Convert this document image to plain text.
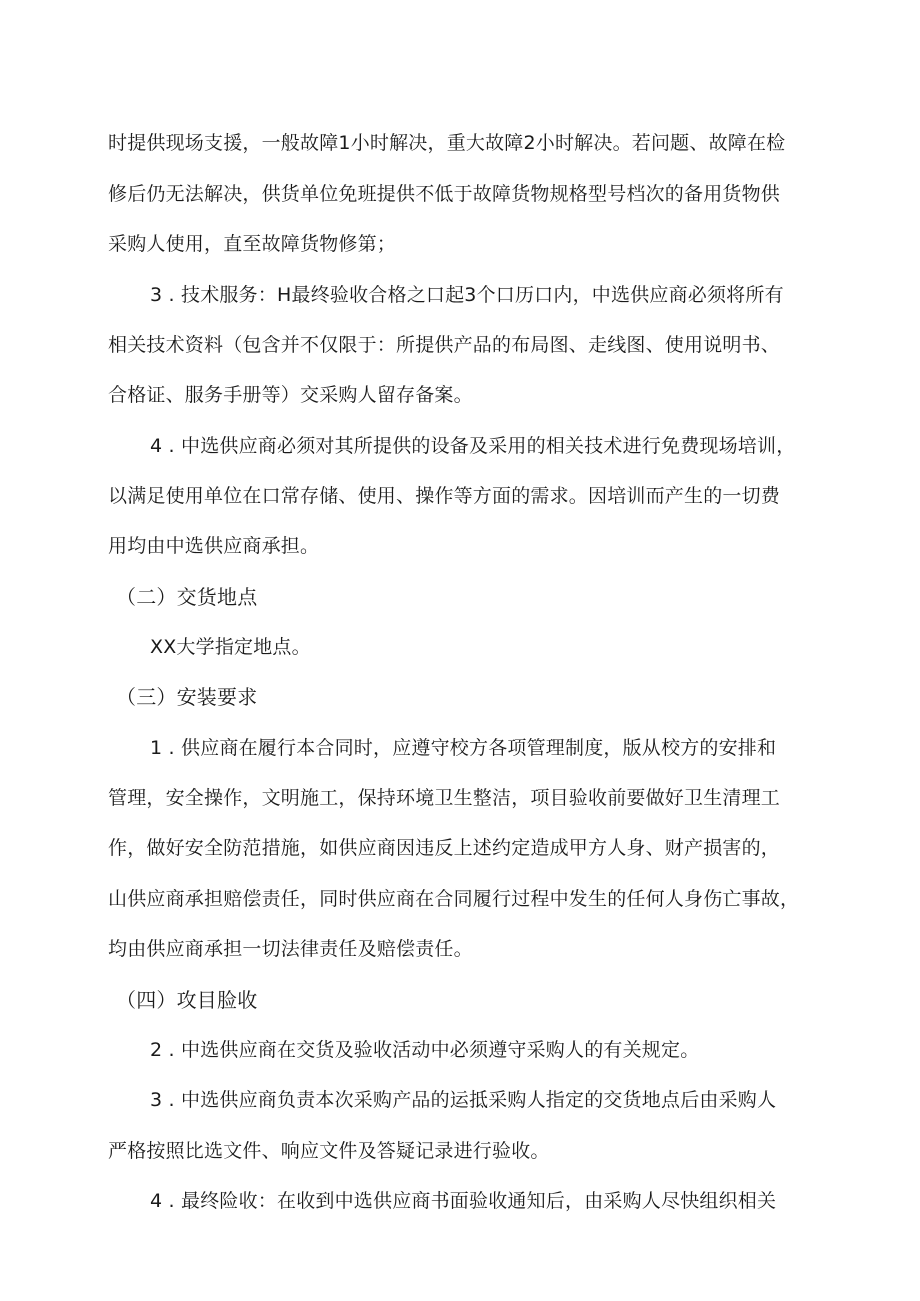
时提供现场支援，一般故障1小时解决，重大故障2小时解决。若问题、故障在检
修后仍无法解决，供货单位免班提供不低于故障货物规格型号档次的备用货物供
采购人使用，直至故障货物修第；
3 . 技术服务：H最终验收合格之口起3个口历口内，中选供应商必须将所有
相关技术资料（包含并不仅限于：所提供产品的布局图、走线图、使用说明书、
合格证、服务手册等）交采购人留存备案。
4 . 中选供应商必须对其所提供的设备及采用的相关技术进行免费现场培训，
以满足使用单位在口常存储、使用、操作等方面的需求。因培训而产生的一切费
用均由中选供应商承担。
（二）交货地点
XX大学指定地点。
（三）安装要求
1 . 供应商在履行本合同时，应遵守校方各项管理制度，版从校方的安排和
管理，安全操作，文明施工，保持环境卫生整洁，项目验收前要做好卫生清理工
作，做好安全防范措施，如供应商因违反上述约定造成甲方人身、财产损害的，
山供应商承担赔偿责任，同时供应商在合同履行过程中发生的任何人身伤亡事故，
均由供应商承担一切法律责任及赔偿责任。
（四）攻目脸收
2 . 中选供应商在交货及验收活动中必须遵守采购人的有关规定。
3 . 中选供应商负责本次采购产品的运抵采购人指定的交货地点后由采购人
严格按照比选文件、响应文件及答疑记录进行验收。
4 . 最终险收：在收到中选供应商书面验收通知后，由采购人尽快组织相关
